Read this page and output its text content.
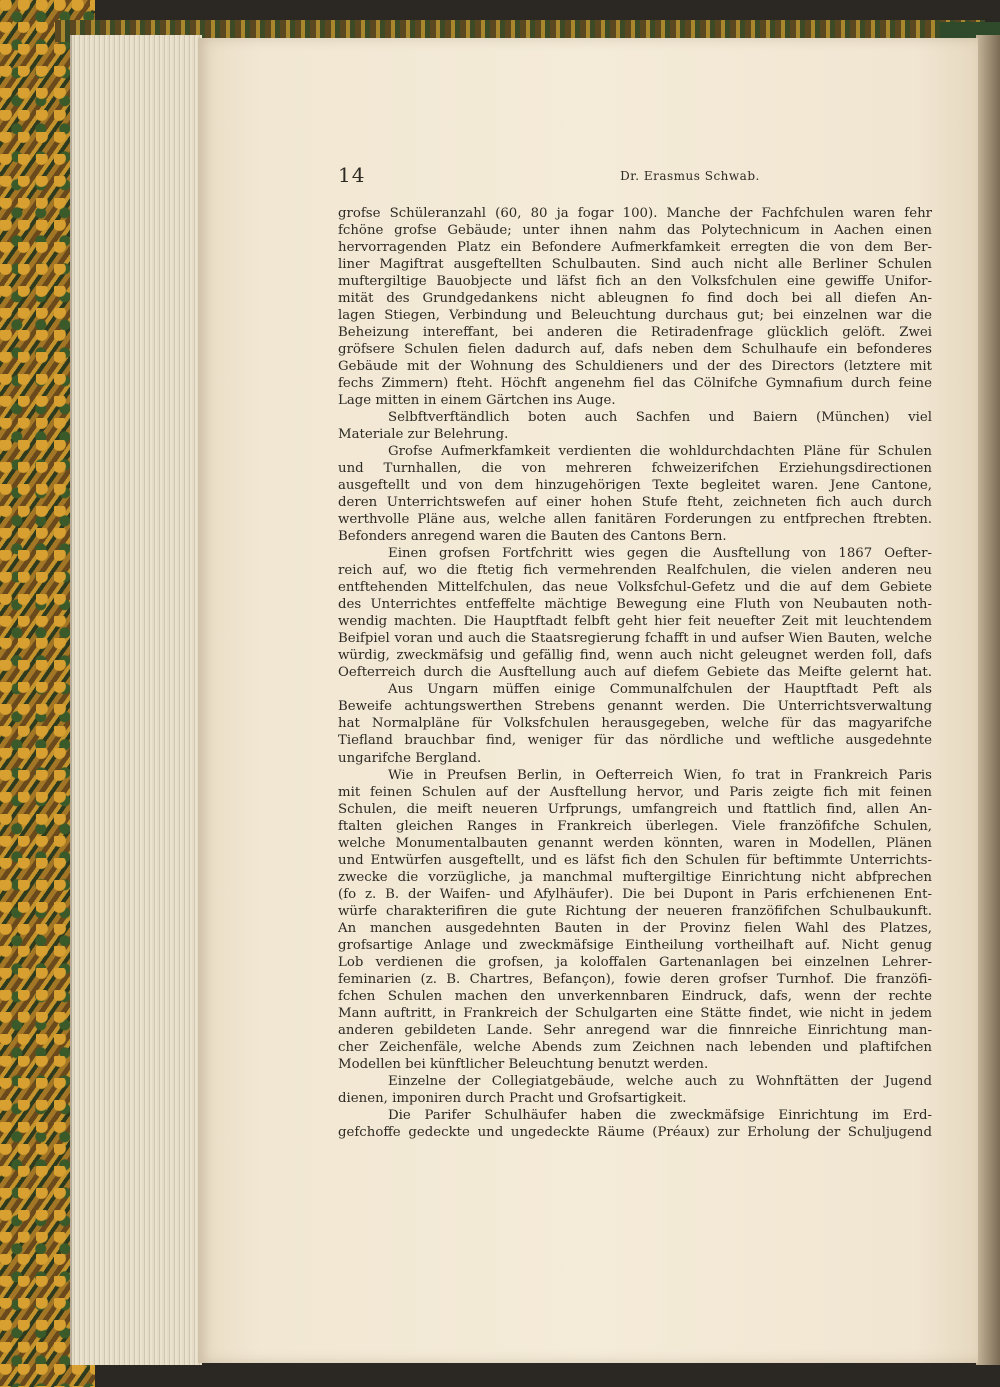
14	Dr. Erasmus Schwab.
grofse Schüleranzahl (60, 80 ja fogar 100). Manche der Fachfchulen waren fehr
fchöne grofse Gebäude; unter ihnen nahm das Polytechnicum in Aachen einen
hervorragenden Platz ein Befondere Aufmerkfamkeit erregten die von dem Ber-
liner Magiftrat ausgeftellten Schulbauten. Sind auch nicht alle Berliner Schulen
muftergiltige Bauobjecte und läfst fich an den Volksfchulen eine gewiffe Unifor-
mität des Grundgedankens nicht ableugnen fo find doch bei all diefen An-
lagen Stiegen, Verbindung und Beleuchtung durchaus gut; bei einzelnen war die
Beheizung intereffant, bei anderen die Retiradenfrage glücklich gelöft. Zwei
gröfsere Schulen fielen dadurch auf, dafs neben dem Schulhaufe ein befonderes
Gebäude mit der Wohnung des Schuldieners und der des Directors (letztere mit
fechs Zimmern) fteht. Höchft angenehm fiel das Cölnifche Gymnafium durch feine
Lage mitten in einem Gärtchen ins Auge.
Selbftverftändlich boten auch Sachfen und Baiern (München) viel
Materiale zur Belehrung.
Grofse Aufmerkfamkeit verdienten die wohldurchdachten Pläne für Schulen
und Turnhallen, die von mehreren fchweizerifchen Erziehungsdirectionen
ausgeftellt und von dem hinzugehörigen Texte begleitet waren. Jene Cantone,
deren Unterrichtswefen auf einer hohen Stufe fteht, zeichneten fich auch durch
werthvolle Pläne aus, welche allen fanitären Forderungen zu entfprechen ftrebten.
Befonders anregend waren die Bauten des Cantons Bern.
Einen grofsen Fortfchritt wies gegen die Ausftellung von 1867 Oefter-
reich auf, wo die ftetig fich vermehrenden Realfchulen, die vielen anderen neu
entftehenden Mittelfchulen, das neue Volksfchul-Gefetz und die auf dem Gebiete
des Unterrichtes entfeffelte mächtige Bewegung eine Fluth von Neubauten noth-
wendig machten. Die Hauptftadt felbft geht hier feit neuefter Zeit mit leuchtendem
Beifpiel voran und auch die Staatsregierung fchafft in und aufser Wien Bauten, welche
würdig, zweckmäfsig und gefällig find, wenn auch nicht geleugnet werden foll, dafs
Oefterreich durch die Ausftellung auch auf diefem Gebiete das Meifte gelernt hat.
Aus Ungarn müffen einige Communalfchulen der Hauptftadt Peft als
Beweife achtungswerthen Strebens genannt werden. Die Unterrichtsverwaltung
hat Normalpläne für Volksfchulen herausgegeben, welche für das magyarifche
Tiefland brauchbar find, weniger für das nördliche und weftliche ausgedehnte
ungarifche Bergland.
Wie in Preufsen Berlin, in Oefterreich Wien, fo trat in Frankreich Paris
mit feinen Schulen auf der Ausftellung hervor, und Paris zeigte fich mit feinen
Schulen, die meift neueren Urfprungs, umfangreich und ftattlich find, allen An-
ftalten gleichen Ranges in Frankreich überlegen. Viele franzöfifche Schulen,
welche Monumentalbauten genannt werden könnten, waren in Modellen, Plänen
und Entwürfen ausgeftellt, und es läfst fich den Schulen für beftimmte Unterrichts-
zwecke die vorzügliche, ja manchmal muftergiltige Einrichtung nicht abfprechen
(fo z. B. der Waifen- und Afylhäufer). Die bei Dupont in Paris erfchienenen Ent-
würfe charakterifiren die gute Richtung der neueren franzöfifchen Schulbaukunft.
An manchen ausgedehnten Bauten in der Provinz fielen Wahl des Platzes,
grofsartige Anlage und zweckmäfsige Eintheilung vortheilhaft auf. Nicht genug
Lob verdienen die grofsen, ja koloffalen Gartenanlagen bei einzelnen Lehrer-
feminarien (z. B. Chartres, Befançon), fowie deren grofser Turnhof. Die franzöfi-
fchen Schulen machen den unverkennbaren Eindruck, dafs, wenn der rechte
Mann auftritt, in Frankreich der Schulgarten eine Stätte findet, wie nicht in jedem
anderen gebildeten Lande. Sehr anregend war die finnreiche Einrichtung man-
cher Zeichenfäle, welche Abends zum Zeichnen nach lebenden und plaftifchen
Modellen bei künftlicher Beleuchtung benutzt werden.
Einzelne der Collegiatgebäude, welche auch zu Wohnftätten der Jugend
dienen, imponiren durch Pracht und Grofsartigkeit.
Die Parifer Schulhäufer haben die zweckmäfsige Einrichtung im Erd-
gefchoffe gedeckte und ungedeckte Räume (Préaux) zur Erholung der Schuljugend
